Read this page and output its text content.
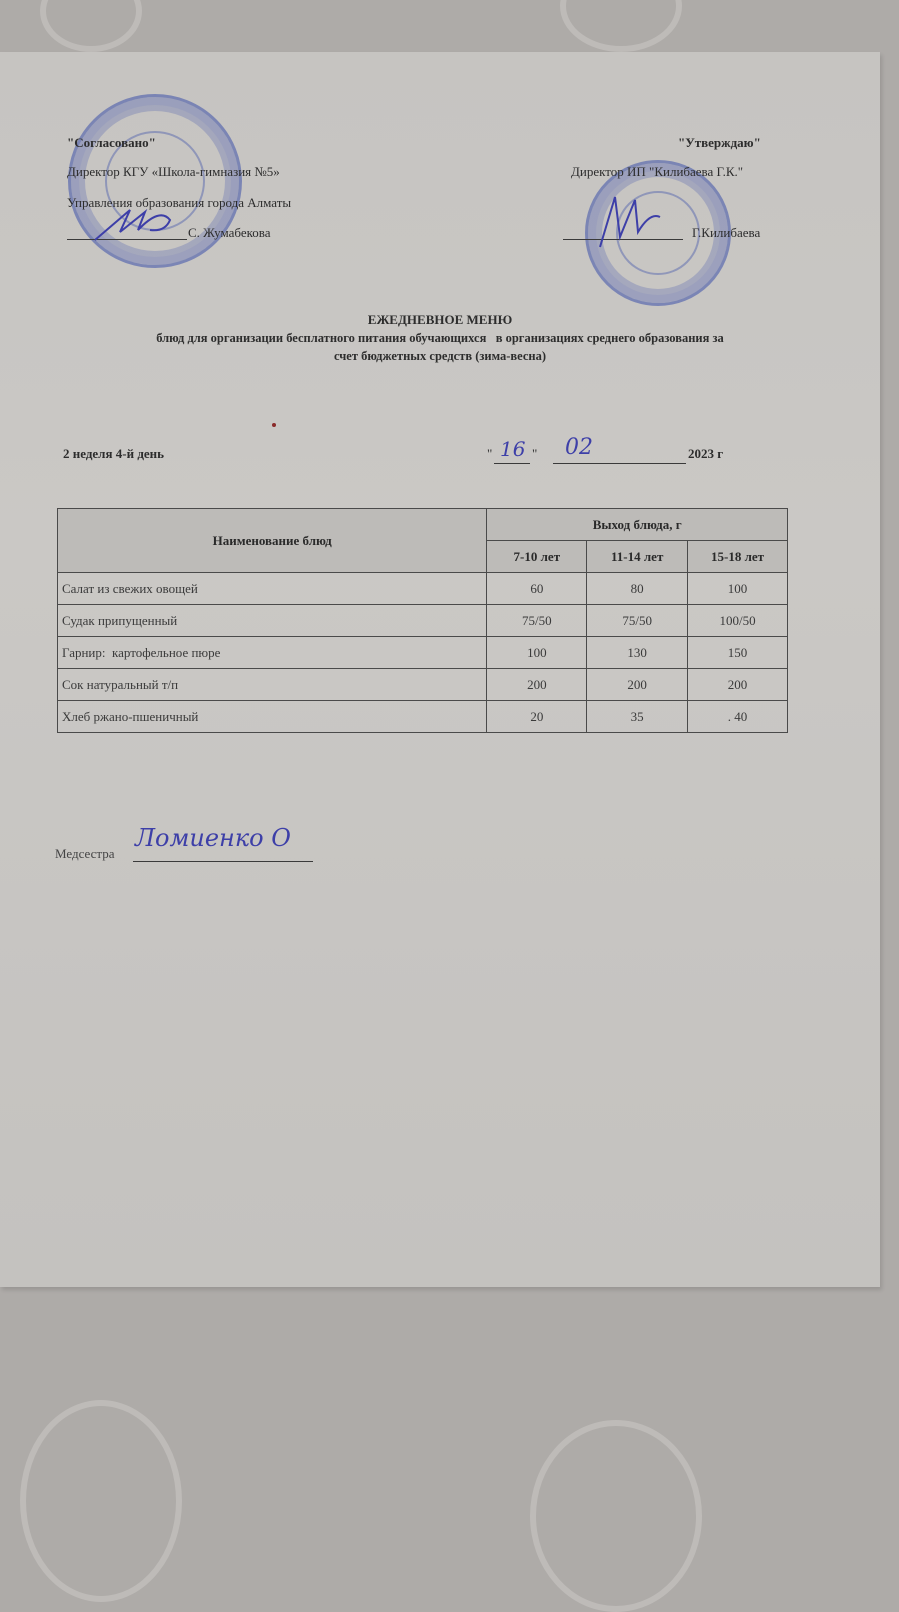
"Согласовано"
Директор КГУ «Школа-гимназия №5»
Управления образования города Алматы
С. Жумабекова
"Утверждаю"
Директор ИП "Килибаева Г.К."
Г.Килибаева
ЕЖЕДНЕВНОЕ МЕНЮ
блюд для организации бесплатного питания обучающихся   в организациях среднего образования за
счет бюджетных средств (зима-весна)
2 неделя 4-й день	" 16 " 02	2023 г
Наименование блюд	Выход блюда, г		
	7-10 лет	11-14 лет	15-18 лет
Салат из свежих овощей	60	80	100
Судак припущенный	75/50	75/50	100/50
Гарнир:  картофельное пюре	100	130	150
Сок натуральный т/п	200	200	200
Хлеб ржано-пшеничный	20	35	. 40
Медсестра
Ломиенко О
